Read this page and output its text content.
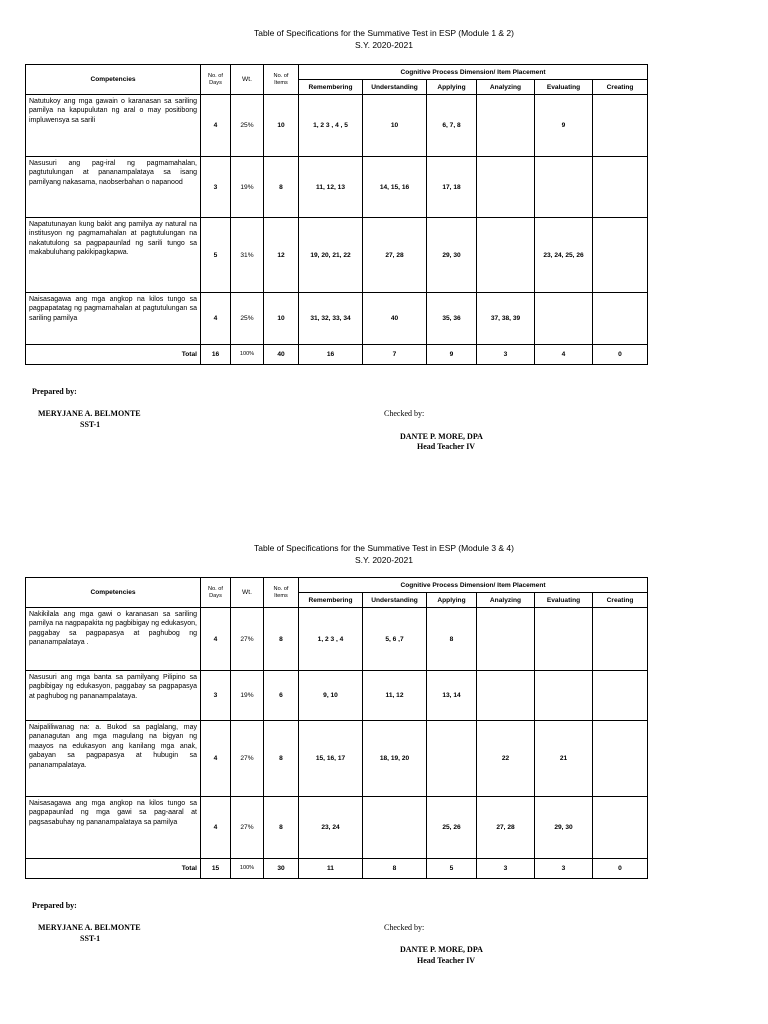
Table of Specifications for the Summative Test in ESP (Module 1 & 2)
S.Y. 2020-2021
Competencies	No. of Days	Wt.	No. of Items	Cognitive Process Dimension/ Item Placement					
				Remembering	Understanding	Applying	Analyzing	Evaluating	Creating
Natutukoy ang mga gawain o karanasan sa sariling pamilya na kapupulutan ng aral o may positibong impluwensya sa sarili	4	25%	10	1, 2 3 , 4 , 5	10	6, 7, 8		9	
Nasusuri ang pag-iral ng pagmamahalan, pagtutulungan at pananampalataya sa isang pamilyang nakasama, naobserbahan o napanood	3	19%	8	11, 12, 13	14, 15, 16	17, 18			
Napatutunayan kung bakit ang pamilya ay natural na institusyon ng pagmamahalan at pagtutulungan na nakatutulong sa pagpapaunlad ng sarili tungo sa makabuluhang pakikipagkapwa.	5	31%	12	19, 20, 21, 22	27, 28	29, 30		23, 24, 25, 26	
Naisasagawa ang mga angkop na kilos tungo sa pagpapatatag ng pagmamahalan at pagtutulungan sa sariling pamilya	4	25%	10	31, 32, 33, 34	40	35, 36	37, 38, 39		
Total	16	100%	40	16	7	9	3	4	0
Prepared by:
MERYJANE A. BELMONTE
SST-1
Checked by:
DANTE P. MORE, DPA
Head Teacher IV
Table of Specifications for the Summative Test in ESP (Module 3 & 4)
S.Y. 2020-2021
Competencies	No. of Days	Wt.	No. of Items	Cognitive Process Dimension/ Item Placement					
				Remembering	Understanding	Applying	Analyzing	Evaluating	Creating
Nakikilala ang mga gawi o karanasan sa sariling pamilya na nagpapakita ng pagbibigay ng edukasyon, paggabay sa pagpapasya at paghubog ng pananampalataya .	4	27%	8	1, 2 3 , 4	5, 6 ,7	8			
Nasusuri ang mga banta sa pamilyang Pilipino sa pagbibigay ng edukasyon, paggabay sa pagpapasya at paghubog ng pananampalataya.	3	19%	6	9, 10	11, 12	13, 14			
Naipaliliwanag na: a. Bukod sa paglalang, may pananagutan ang mga magulang na bigyan ng maayos na edukasyon ang kanilang mga anak, gabayan sa pagpapasya at hubugin sa pananampalataya.	4	27%	8	15, 16, 17	18, 19, 20		22	21	
Naisasagawa ang mga angkop na kilos tungo sa pagpapaunlad ng mga gawi sa pag-aaral at pagsasabuhay ng pananampalataya sa pamilya	4	27%	8	23, 24		25, 26	27, 28	29, 30	
Total	15	100%	30	11	8	5	3	3	0
Prepared by:
MERYJANE A. BELMONTE
SST-1
Checked by:
DANTE P. MORE, DPA
Head Teacher IV
